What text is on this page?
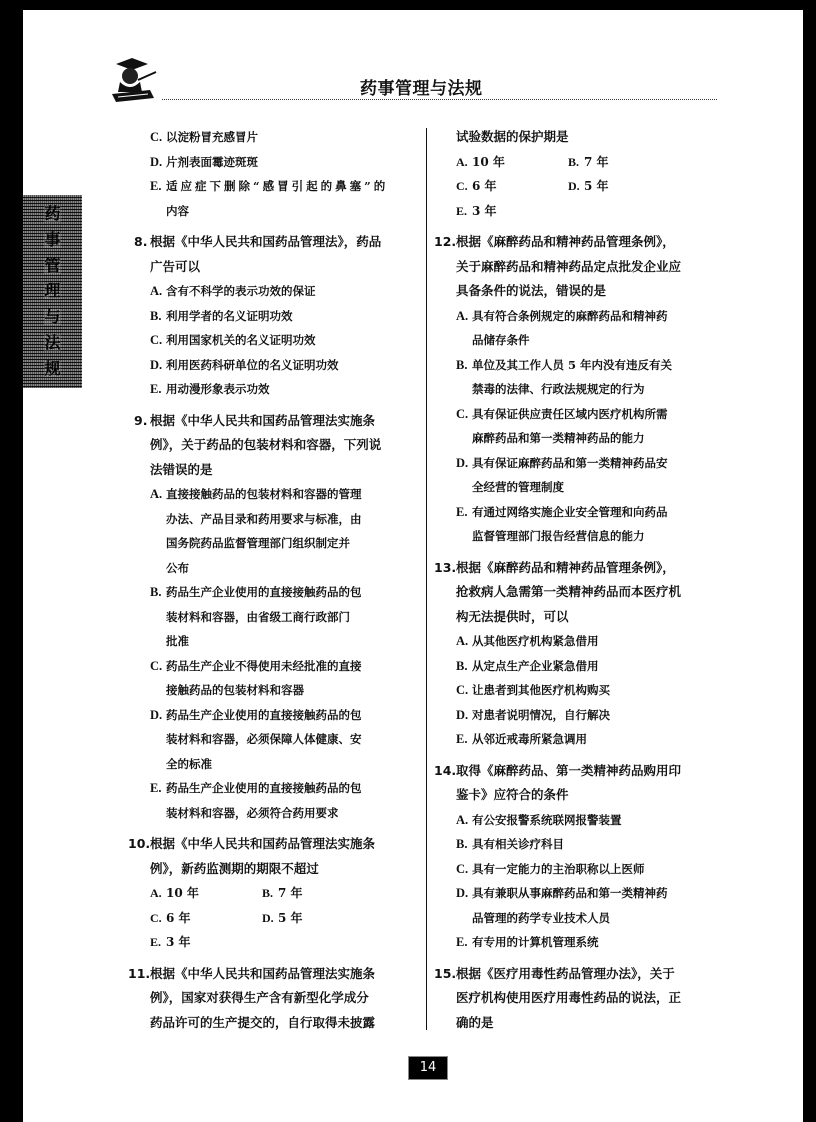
药事管理与法规
药
事
管
理
与
法
规
C. 以淀粉冒充感冒片
D. 片剂表面霉迹斑斑
E. 适应症下删除“感冒引起的鼻塞”的
内容
8. 根据《中华人民共和国药品管理法》，药品
广告可以
A. 含有不科学的表示功效的保证
B. 利用学者的名义证明功效
C. 利用国家机关的名义证明功效
D. 利用医药科研单位的名义证明功效
E. 用动漫形象表示功效
9. 根据《中华人民共和国药品管理法实施条
例》，关于药品的包装材料和容器，下列说
法错误的是
A. 直接接触药品的包装材料和容器的管理
办法、产品目录和药用要求与标准，由
国务院药品监督管理部门组织制定并
公布
B. 药品生产企业使用的直接接触药品的包
装材料和容器，由省级工商行政部门
批准
C. 药品生产企业不得使用未经批准的直接
接触药品的包装材料和容器
D. 药品生产企业使用的直接接触药品的包
装材料和容器，必须保障人体健康、安
全的标准
E. 药品生产企业使用的直接接触药品的包
装材料和容器，必须符合药用要求
10.根据《中华人民共和国药品管理法实施条
例》，新药监测期的期限不超过
A. 10 年	B. 7 年
C. 6 年	D. 5 年
E. 3 年
11.根据《中华人民共和国药品管理法实施条
例》，国家对获得生产含有新型化学成分
药品许可的生产提交的，自行取得未披露
试验数据的保护期是
A. 10 年	B. 7 年
C. 6 年	D. 5 年
E. 3 年
12.根据《麻醉药品和精神药品管理条例》，
关于麻醉药品和精神药品定点批发企业应
具备条件的说法，错误的是
A. 具有符合条例规定的麻醉药品和精神药
品储存条件
B. 单位及其工作人员 5 年内没有违反有关
禁毒的法律、行政法规规定的行为
C. 具有保证供应责任区域内医疗机构所需
麻醉药品和第一类精神药品的能力
D. 具有保证麻醉药品和第一类精神药品安
全经营的管理制度
E. 有通过网络实施企业安全管理和向药品
监督管理部门报告经营信息的能力
13.根据《麻醉药品和精神药品管理条例》，
抢救病人急需第一类精神药品而本医疗机
构无法提供时，可以
A. 从其他医疗机构紧急借用
B. 从定点生产企业紧急借用
C. 让患者到其他医疗机构购买
D. 对患者说明情况，自行解决
E. 从邻近戒毒所紧急调用
14.取得《麻醉药品、第一类精神药品购用印
鉴卡》应符合的条件
A. 有公安报警系统联网报警装置
B. 具有相关诊疗科目
C. 具有一定能力的主治职称以上医师
D. 具有兼职从事麻醉药品和第一类精神药
品管理的药学专业技术人员
E. 有专用的计算机管理系统
15.根据《医疗用毒性药品管理办法》，关于
医疗机构使用医疗用毒性药品的说法，正
确的是
14
